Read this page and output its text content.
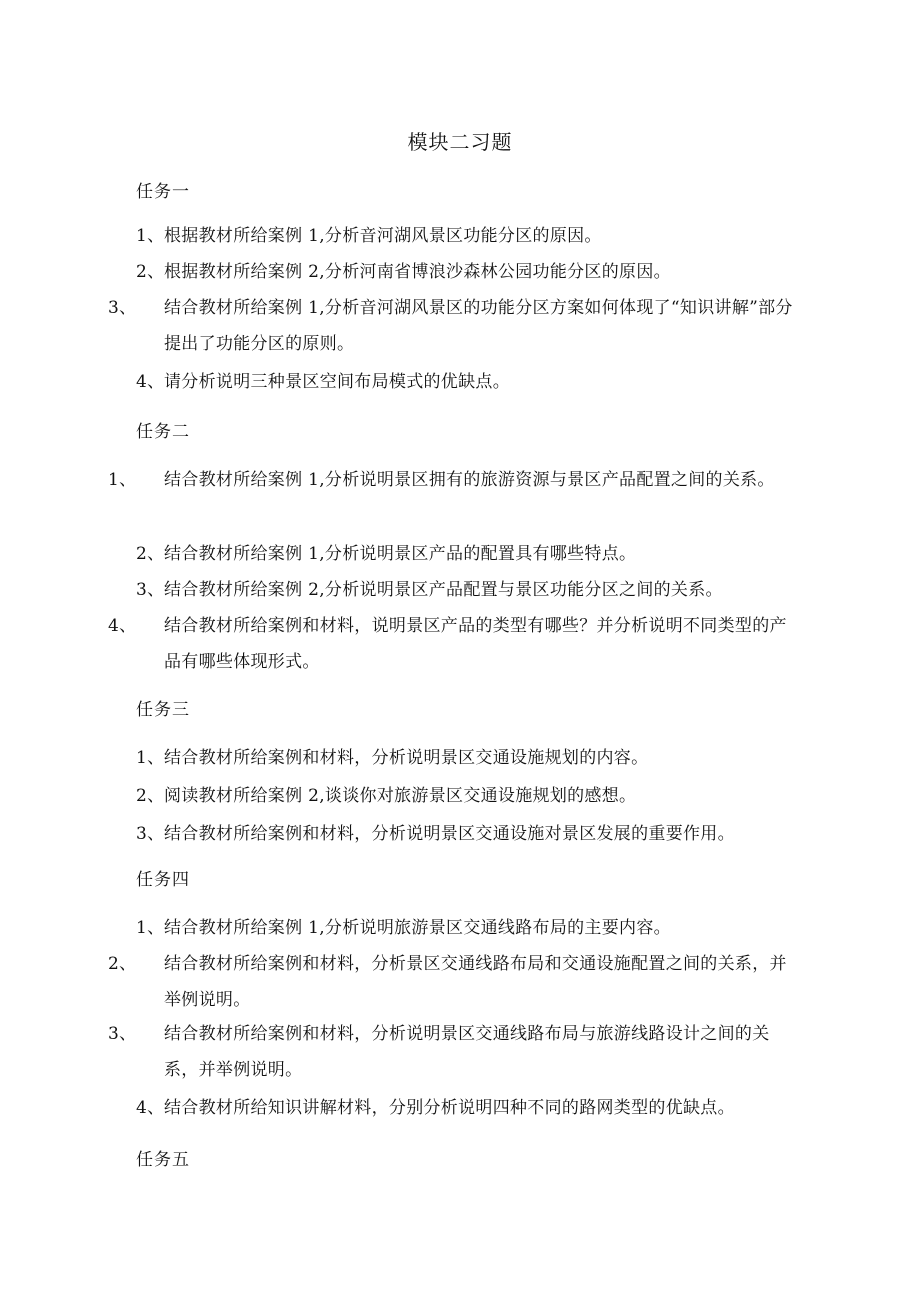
模块二习题
任务一
1、根据教材所给案例 1,分析音河湖风景区功能分区的原因。
2、根据教材所给案例 2,分析河南省博浪沙森林公园功能分区的原因。
3、 结合教材所给案例 1,分析音河湖风景区的功能分区方案如何体现了“知识讲解”部分提出了功能分区的原则。
4、请分析说明三种景区空间布局模式的优缺点。
任务二
1、 结合教材所给案例 1,分析说明景区拥有的旅游资源与景区产品配置之间的关系。
2、结合教材所给案例 1,分析说明景区产品的配置具有哪些特点。
3、结合教材所给案例 2,分析说明景区产品配置与景区功能分区之间的关系。
4、 结合教材所给案例和材料，说明景区产品的类型有哪些？并分析说明不同类型的产品有哪些体现形式。
任务三
1、结合教材所给案例和材料，分析说明景区交通设施规划的内容。
2、阅读教材所给案例 2,谈谈你对旅游景区交通设施规划的感想。
3、结合教材所给案例和材料，分析说明景区交通设施对景区发展的重要作用。
任务四
1、结合教材所给案例 1,分析说明旅游景区交通线路布局的主要内容。
2、 结合教材所给案例和材料，分析景区交通线路布局和交通设施配置之间的关系，并举例说明。
3、 结合教材所给案例和材料，分析说明景区交通线路布局与旅游线路设计之间的关系，并举例说明。
4、结合教材所给知识讲解材料，分别分析说明四种不同的路网类型的优缺点。
任务五
